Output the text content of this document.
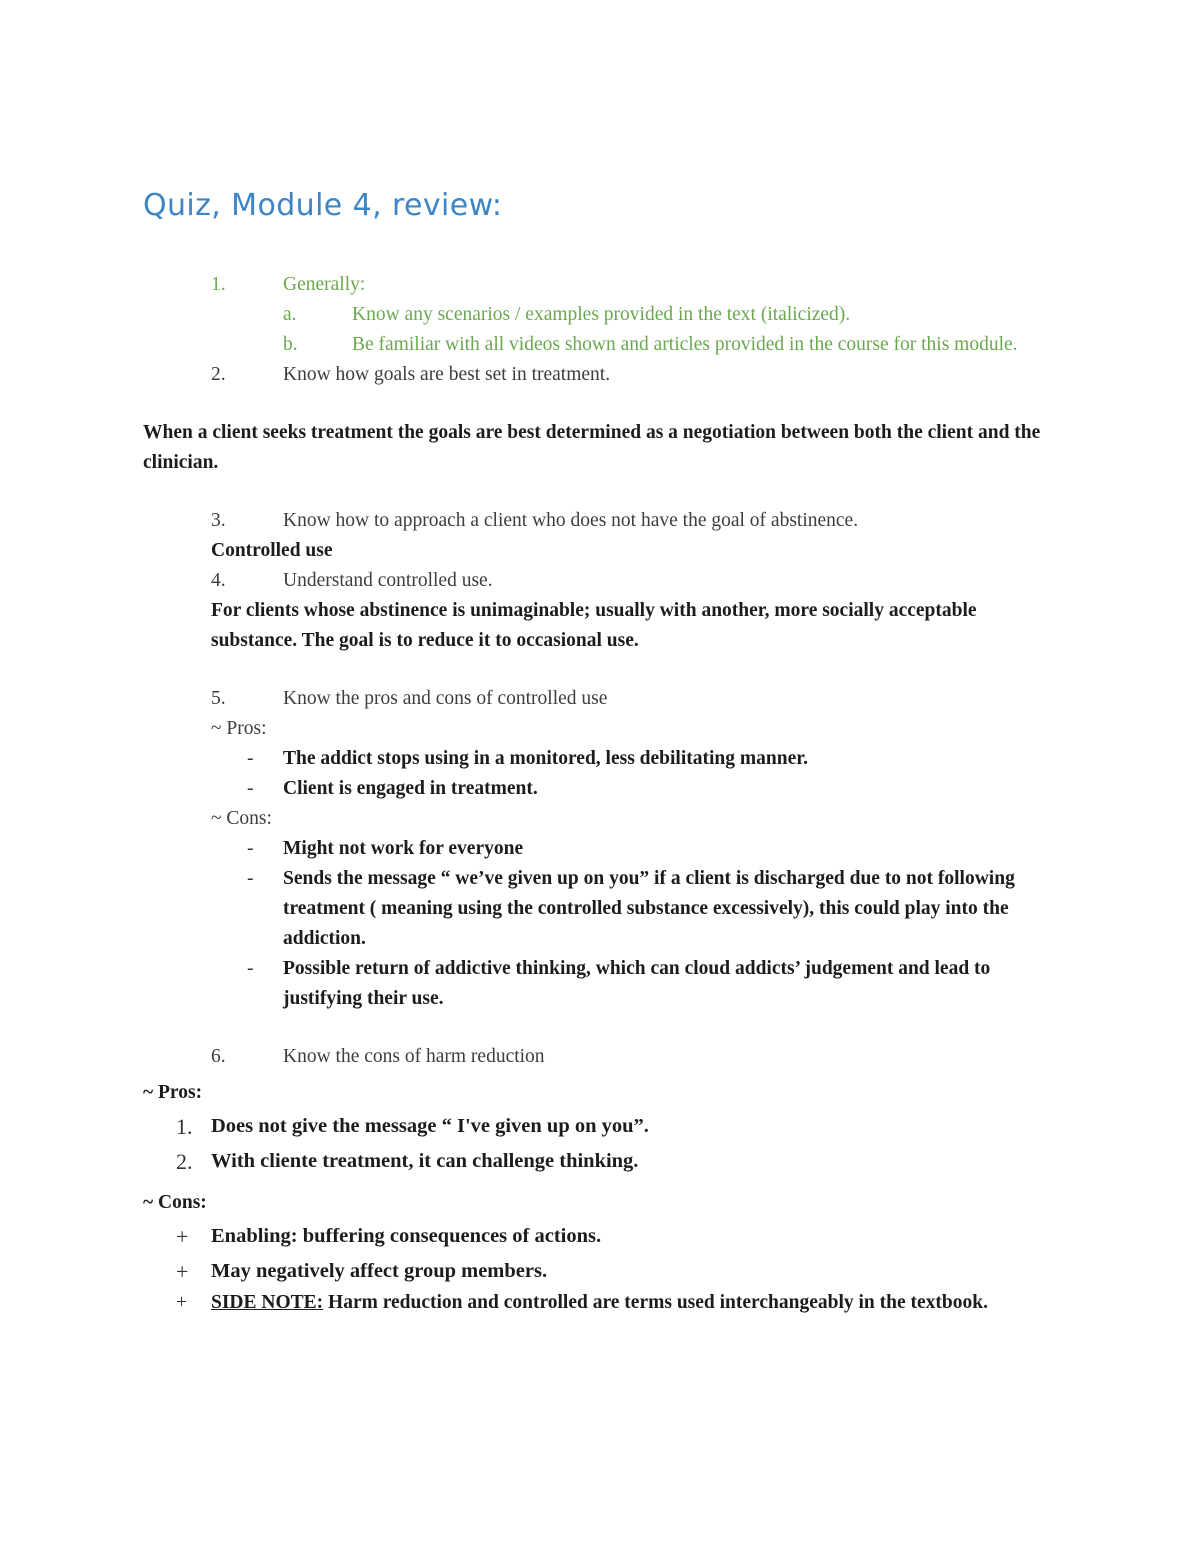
Quiz, Module 4, review:
1.	Generally:
a.	Know any scenarios / examples provided in the text (italicized).
b.	Be familiar with all videos shown and articles provided in the course for this module.
2.	Know how goals are best set in treatment.
When a client seeks treatment the goals are best determined as a negotiation between both the client and the clinician.
3.	Know how to approach a client who does not have the goal of abstinence.
Controlled use
4.	Understand controlled use.
For clients whose abstinence is unimaginable; usually with another, more socially acceptable substance. The goal is to reduce it to occasional use.
5.	Know the pros and cons of controlled use
~ Pros:
-	The addict stops using in a monitored, less debilitating manner.
-	Client is engaged in treatment.
~ Cons:
-	Might not work for everyone
-	Sends the message “ we’ve given up on you” if a client is discharged due to not following treatment ( meaning using the controlled substance excessively), this could play into the addiction.
-	Possible return of addictive thinking, which can cloud addicts’ judgement and lead to justifying their use.
6.	Know the cons of harm reduction
~ Pros:
1. Does not give the message “ I've given up on you”.
2. With cliente treatment, it can challenge thinking.
~ Cons:
+	Enabling: buffering consequences of actions.
+	May negatively affect group members.
+	SIDE NOTE: Harm reduction and controlled are terms used interchangeably in the textbook.
